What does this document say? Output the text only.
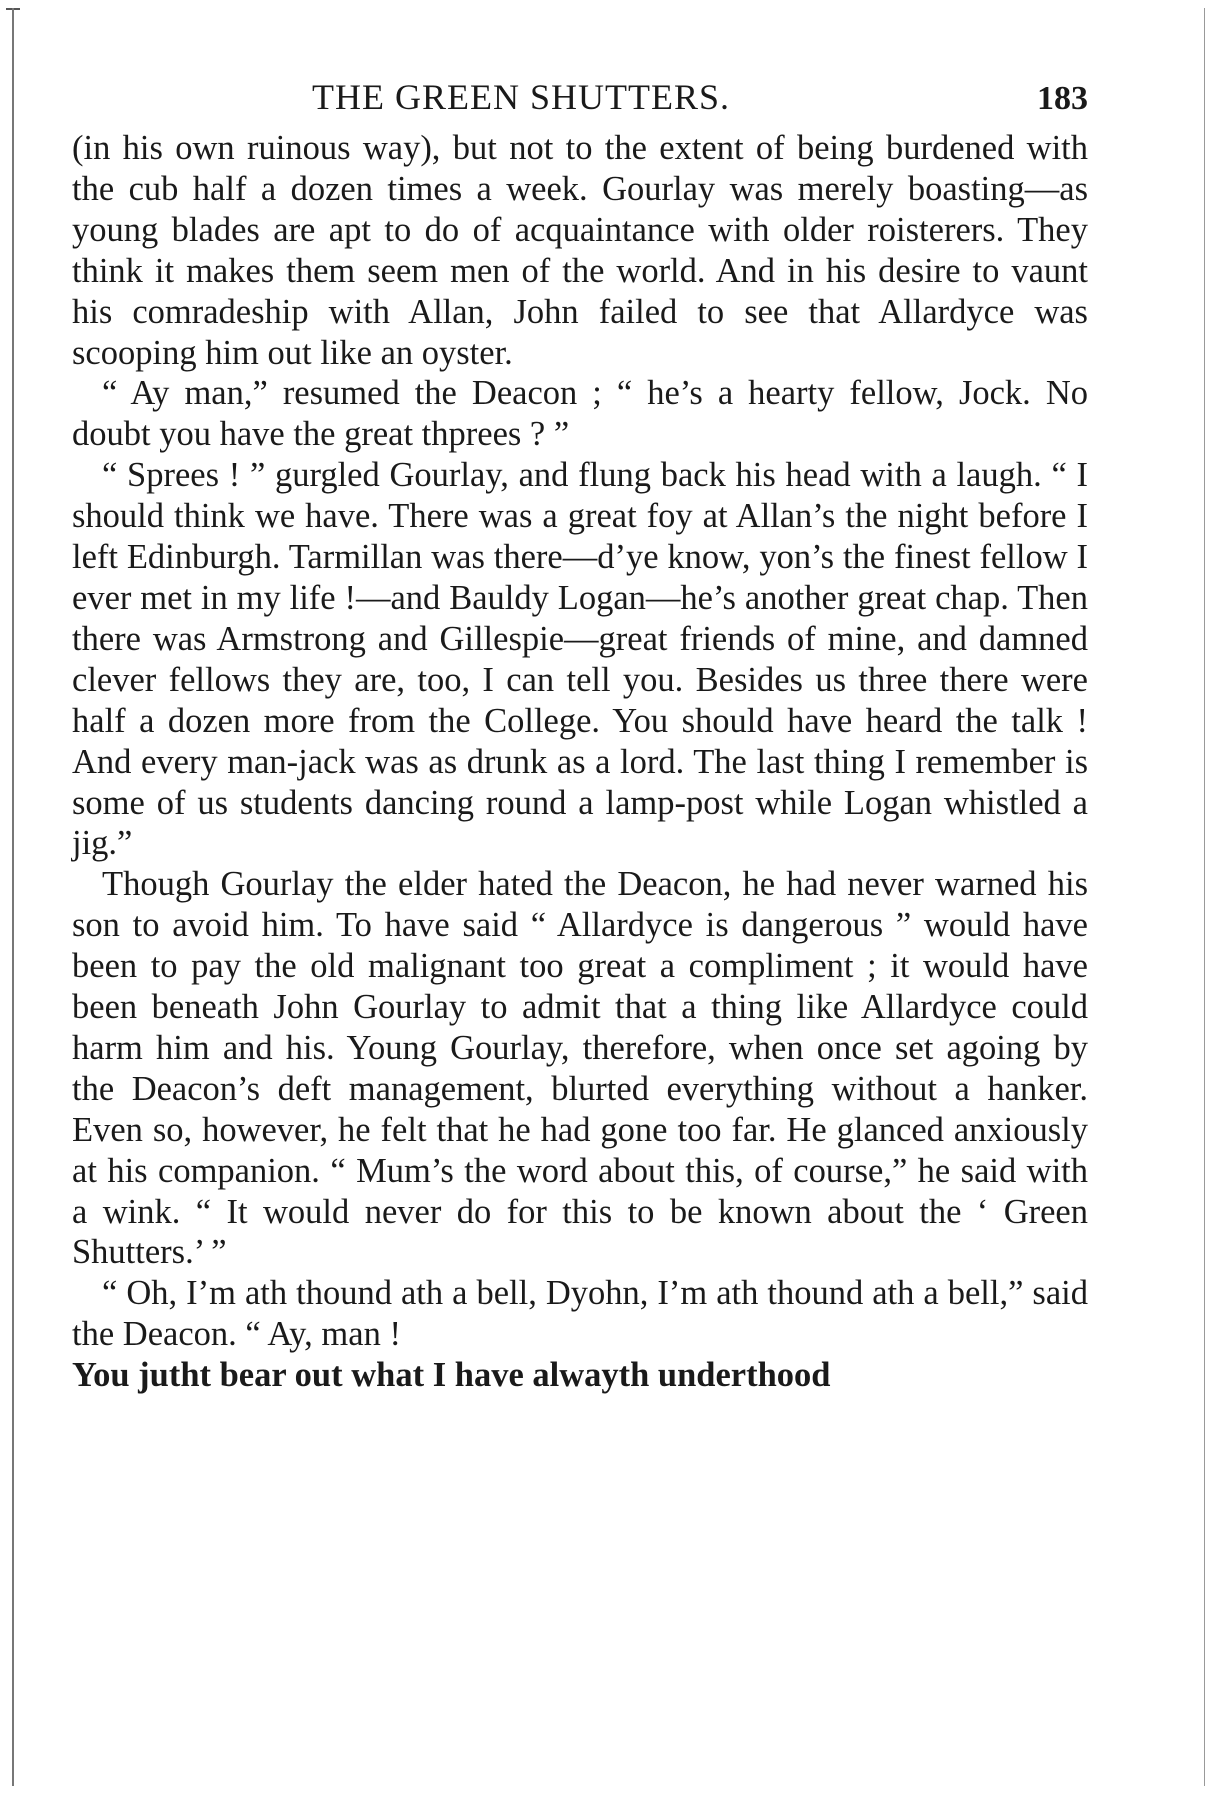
THE GREEN SHUTTERS.	183

(in his own ruinous way), but not to the extent of being burdened with the cub half a dozen times a week. Gourlay was merely boasting—as young blades are apt to do of acquaintance with older roisterers. They think it makes them seem men of the world. And in his desire to vaunt his comradeship with Allan, John failed to see that Allardyce was scooping him out like an oyster.

“ Ay man,” resumed the Deacon ; “ he’s a hearty fellow, Jock. No doubt you have the great thprees ? ”

“ Sprees ! ” gurgled Gourlay, and flung back his head with a laugh. “ I should think we have. There was a great foy at Allan’s the night before I left Edinburgh. Tarmillan was there—d’ye know, yon’s the finest fellow I ever met in my life !—and Bauldy Logan—he’s another great chap. Then there was Armstrong and Gillespie—great friends of mine, and damned clever fellows they are, too, I can tell you. Besides us three there were half a dozen more from the College. You should have heard the talk ! And every man-jack was as drunk as a lord. The last thing I remember is some of us students dancing round a lamp-post while Logan whistled a jig.”

Though Gourlay the elder hated the Deacon, he had never warned his son to avoid him. To have said “ Allardyce is dangerous ” would have been to pay the old malignant too great a compliment ; it would have been beneath John Gourlay to admit that a thing like Allardyce could harm him and his. Young Gourlay, therefore, when once set agoing by the Deacon’s deft management, blurted everything without a hanker. Even so, however, he felt that he had gone too far. He glanced anxiously at his companion. “ Mum’s the word about this, of course,” he said with a wink. “ It would never do for this to be known about the ‘ Green Shutters.’ ”

“ Oh, I’m ath thound ath a bell, Dyohn, I’m ath thound ath a bell,” said the Deacon. “ Ay, man !

You jutht bear out what I have alwayth underthood
